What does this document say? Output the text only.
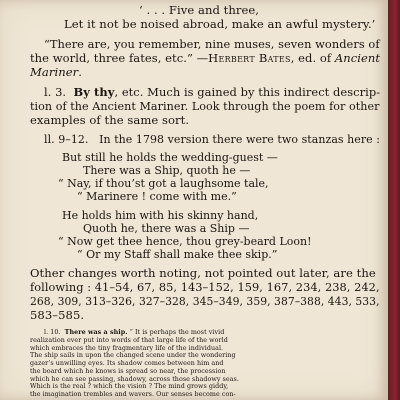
‘ . . . Five and three,
Let it not be noised abroad, make an awful mystery.’
“There are, you remember, nine muses, seven wonders of
the world, three fates, etc.” —Herbert Bates, ed. of Ancient
Mariner.
l. 3. By thy, etc. Much is gained by this indirect descrip-
tion of the Ancient Mariner. Look through the poem for other
examples of the same sort.
ll. 9–12. In the 1798 version there were two stanzas here :
But still he holds the wedding-guest —
There was a Ship, quoth he —
“ Nay, if thou’st got a laughsome tale,
“ Marinere ! come with me.”
He holds him with his skinny hand,
Quoth he, there was a Ship —
“ Now get thee hence, thou grey-beard Loon!
“ Or my Staff shall make thee skip.”
Other changes worth noting, not pointed out later, are the
following : 41–54, 67, 85, 143–152, 159, 167, 234, 238, 242,
268, 309, 313–326, 327–328, 345–349, 359, 387–388, 443, 533,
583–585.
l. 10. There was a ship. “ It is perhaps the most vivid
realization ever put into words of that large life of the world
which embraces the tiny fragmentary life of the individual.
The ship sails in upon the changed scene under the wondering
gazer’s unwilling eyes. Its shadow comes between him and
the board which he knows is spread so near, the procession
which he can see passing, shadowy, across those shadowy seas.
Which is the real ? which the vision ? The mind grows giddy,
the imagination trembles and wavers. Our senses become con-
